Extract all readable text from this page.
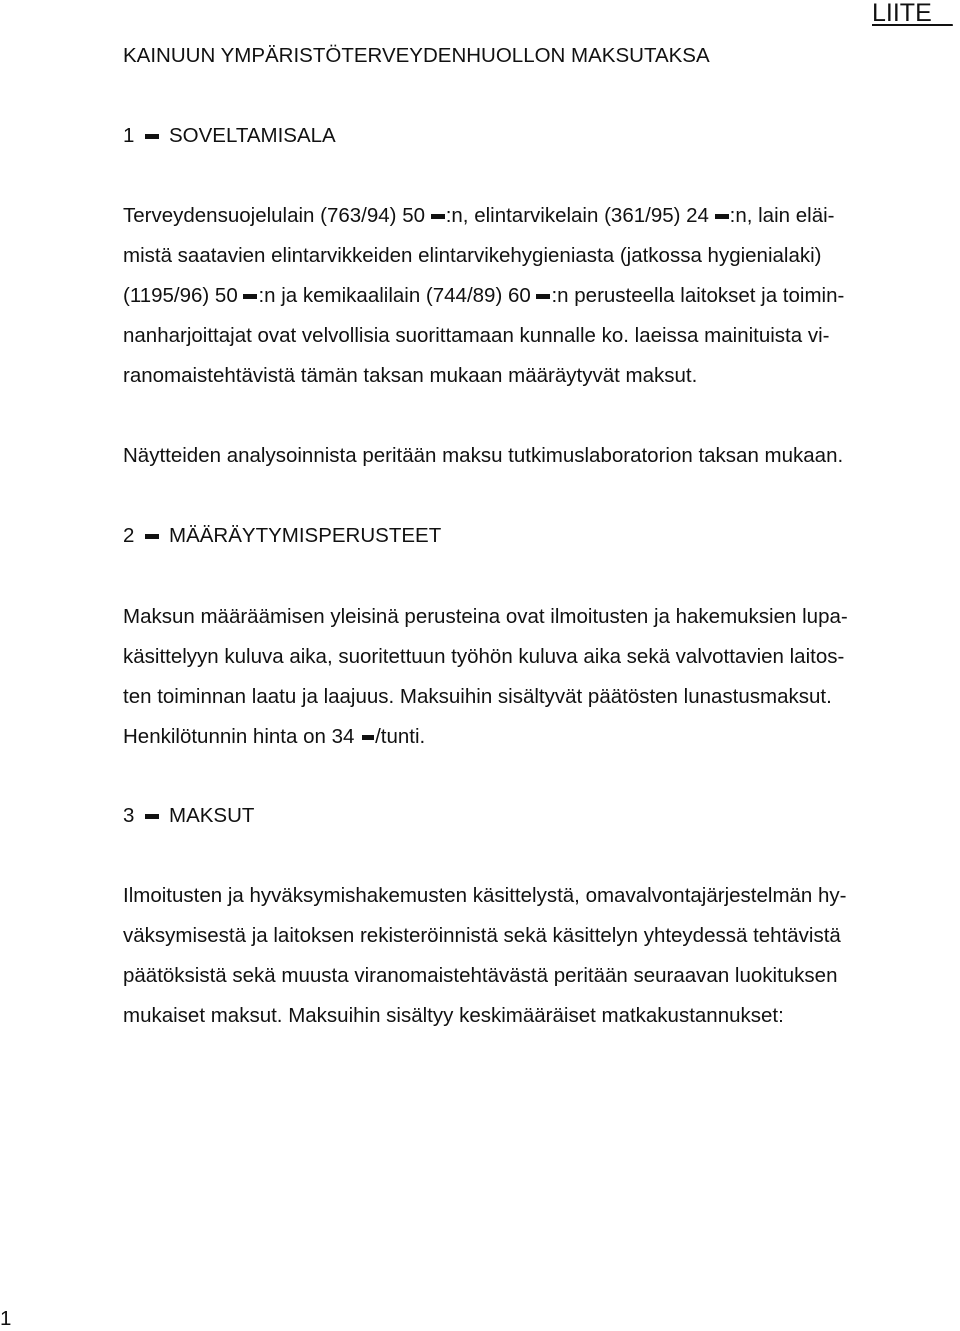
LIITE _
KAINUUN YMPÄRISTÖTERVEYDENHUOLLON MAKSUTAKSA
1 SOVELTAMISALA
Terveydensuojelulain (763/94) 50 :n, elintarvikelain (361/95) 24 :n, lain eläi-
mistä saatavien elintarvikkeiden elintarvikehygieniasta (jatkossa hygienialaki)
(1195/96) 50 :n ja kemikaalilain (744/89) 60 :n perusteella laitokset ja toimin-
nanharjoittajat ovat velvollisia suorittamaan kunnalle ko. laeissa mainituista vi-
ranomaistehtävistä tämän taksan mukaan määräytyvät maksut.
Näytteiden analysoinnista peritään maksu tutkimuslaboratorion taksan mukaan.
2 MÄÄRÄYTYMISPERUSTEET
Maksun määräämisen yleisinä perusteina ovat ilmoitusten ja hakemuksien lupa-
käsittelyyn kuluva aika, suoritettuun työhön kuluva aika sekä valvottavien laitos-
ten toiminnan laatu ja laajuus. Maksuihin sisältyvät päätösten lunastusmaksut.
Henkilötunnin hinta on 34 /tunti.
3 MAKSUT
Ilmoitusten ja hyväksymishakemusten käsittelystä, omavalvontajärjestelmän hy-
väksymisestä ja laitoksen rekisteröinnistä sekä käsittelyn yhteydessä tehtävistä
päätöksistä sekä muusta viranomaistehtävästä peritään seuraavan luokituksen
mukaiset maksut. Maksuihin sisältyy keskimääräiset matkakustannukset:
1
